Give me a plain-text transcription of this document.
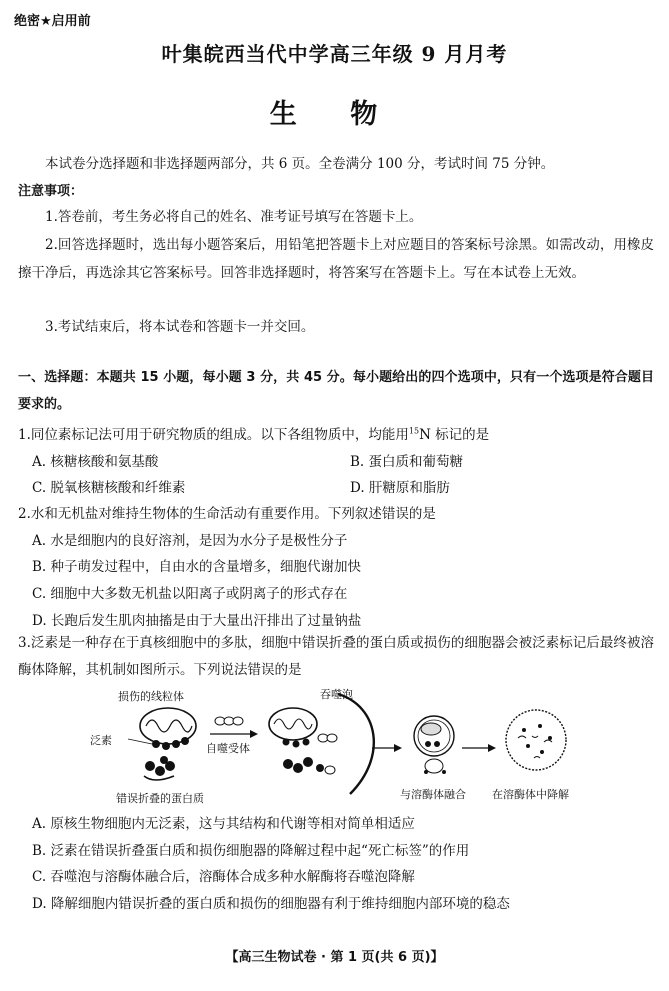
绝密★启用前
叶集皖西当代中学高三年级 9 月月考
生 物
本试卷分选择题和非选择题两部分，共 6 页。全卷满分 100 分，考试时间 75 分钟。
注意事项：
1.答卷前，考生务必将自己的姓名、准考证号填写在答题卡上。
2.回答选择题时，选出每小题答案后，用铅笔把答题卡上对应题目的答案标号涂黑。如需改动，用橡皮擦干净后，再选涂其它答案标号。回答非选择题时，将答案写在答题卡上。写在本试卷上无效。
3.考试结束后，将本试卷和答题卡一并交回。
一、选择题：本题共 15 小题，每小题 3 分，共 45 分。每小题给出的四个选项中，只有一个选项是符合题目要求的。
1.同位素标记法可用于研究物质的组成。以下各组物质中，均能用$^{15}$N 标记的是
A. 核糖核酸和氨基酸	B. 蛋白质和葡萄糖
C. 脱氧核糖核酸和纤维素	D. 肝糖原和脂肪
2.水和无机盐对维持生物体的生命活动有重要作用。下列叙述错误的是
A. 水是细胞内的良好溶剂，是因为水分子是极性分子
B. 种子萌发过程中，自由水的含量增多，细胞代谢加快
C. 细胞中大多数无机盐以阳离子或阴离子的形式存在
D. 长跑后发生肌肉抽搐是由于大量出汗排出了过量钠盐
3.泛素是一种存在于真核细胞中的多肽，细胞中错误折叠的蛋白质或损伤的细胞器会被泛素标记后最终被溶酶体降解，其机制如图所示。下列说法错误的是
损伤的线粒体
泛素
错误折叠的蛋白质
自噬受体
吞噬泡
与溶酶体融合 在溶酶体中降解
A. 原核生物细胞内无泛素，这与其结构和代谢等相对简单相适应
B. 泛素在错误折叠蛋白质和损伤细胞器的降解过程中起“死亡标签”的作用
C. 吞噬泡与溶酶体融合后，溶酶体合成多种水解酶将吞噬泡降解
D. 降解细胞内错误折叠的蛋白质和损伤的细胞器有利于维持细胞内部环境的稳态
【高三生物试卷 · 第 1 页(共 6 页)】
